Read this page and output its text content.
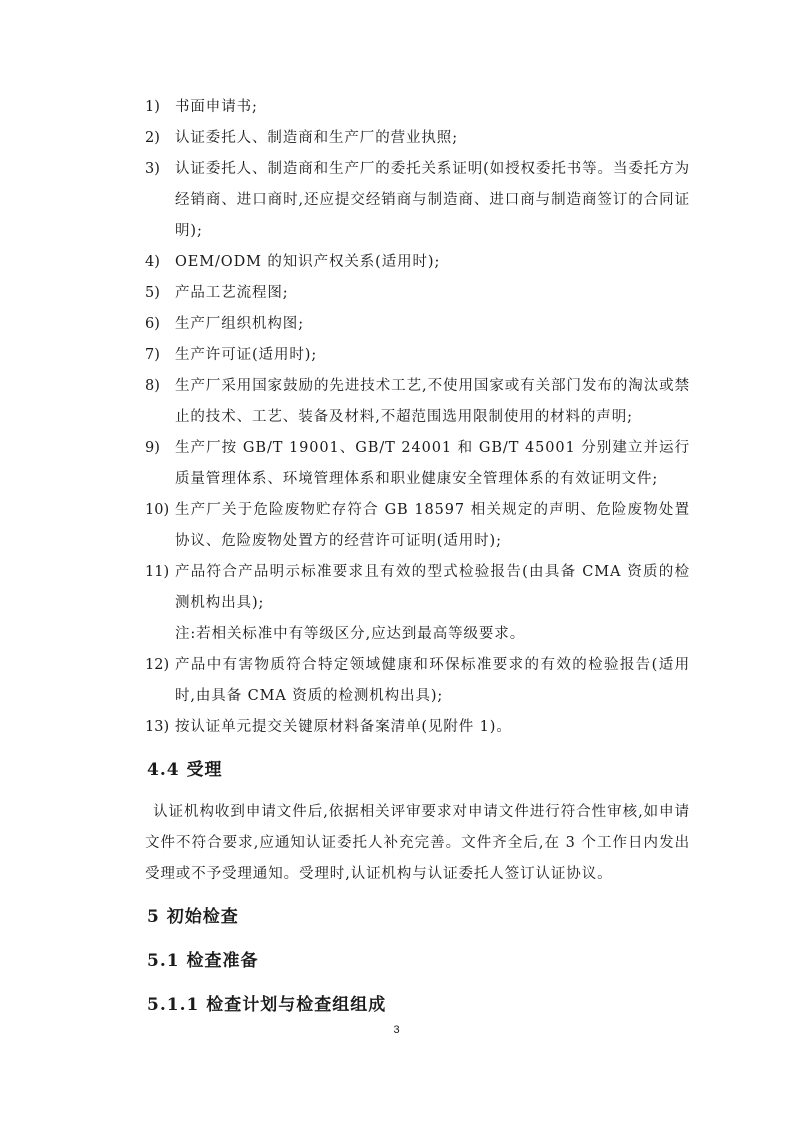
1) 书面申请书;
2) 认证委托人、制造商和生产厂的营业执照;
3) 认证委托人、制造商和生产厂的委托关系证明(如授权委托书等。当委托方为经销商、进口商时,还应提交经销商与制造商、进口商与制造商签订的合同证明);
4) OEM/ODM 的知识产权关系(适用时);
5) 产品工艺流程图;
6) 生产厂组织机构图;
7) 生产许可证(适用时);
8) 生产厂采用国家鼓励的先进技术工艺,不使用国家或有关部门发布的淘汰或禁止的技术、工艺、装备及材料,不超范围选用限制使用的材料的声明;
9) 生产厂按 GB/T 19001、GB/T 24001 和 GB/T 45001 分别建立并运行质量管理体系、环境管理体系和职业健康安全管理体系的有效证明文件;
10) 生产厂关于危险废物贮存符合 GB 18597 相关规定的声明、危险废物处置协议、危险废物处置方的经营许可证明(适用时);
11) 产品符合产品明示标准要求且有效的型式检验报告(由具备 CMA 资质的检测机构出具);
注:若相关标准中有等级区分,应达到最高等级要求。
12) 产品中有害物质符合特定领域健康和环保标准要求的有效的检验报告(适用时,由具备 CMA 资质的检测机构出具);
13) 按认证单元提交关键原材料备案清单(见附件 1)。
4.4 受理

认证机构收到申请文件后,依据相关评审要求对申请文件进行符合性审核,如申请文件不符合要求,应通知认证委托人补充完善。文件齐全后,在 3 个工作日内发出受理或不予受理通知。受理时,认证机构与认证委托人签订认证协议。

5 初始检查
5.1 检查准备
5.1.1 检查计划与检查组组成
3
